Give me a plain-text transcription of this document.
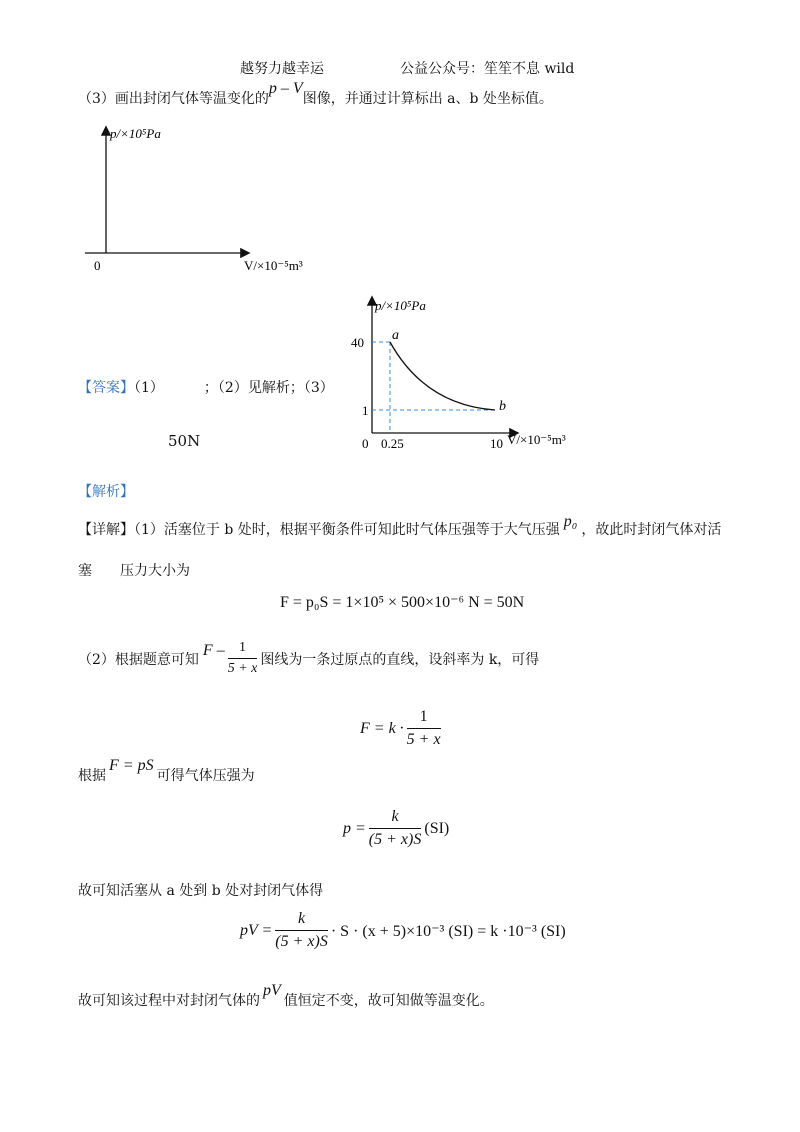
越努力越幸运	公益公众号：笙笙不息 wild
（3）画出封闭气体等温变化的p – V图像，并通过计算标出 a、b 处坐标值。
p/×10⁵Pa
V/×10⁻⁵m³
0
【答案】（1）	；（2）见解析；（3）
50N
p/×10⁵Pa
V/×10⁻⁵m³
a
b
40
1
0 0.25	10
【解析】
【详解】（1）活塞位于 b 处时，根据平衡条件可知此时气体压强等于大气压强 p₀ ，故此时封闭气体对活
塞　　压力大小为
F = p₀S = 1×10⁵ × 500×10⁻⁶ N = 50N
（2）根据题意可知
F – $\frac{1}{5 + x}$ 图线为一条过原点的直线，设斜率为 k，可得
$F = k \cdot \frac{1}{5 + x}$
根据F = pS可得气体压强为
$p = \frac{k}{(5 + x)S} (SI)$
故可知活塞从 a 处到 b 处对封闭气体得
pV = $\frac{k}{(5 + x)S} \cdot S \cdot (x + 5)\times 10^{-3}$ (SI) = k ·10⁻³ (SI)
故可知该过程中对封闭气体的pV值恒定不变，故可知做等温变化。
